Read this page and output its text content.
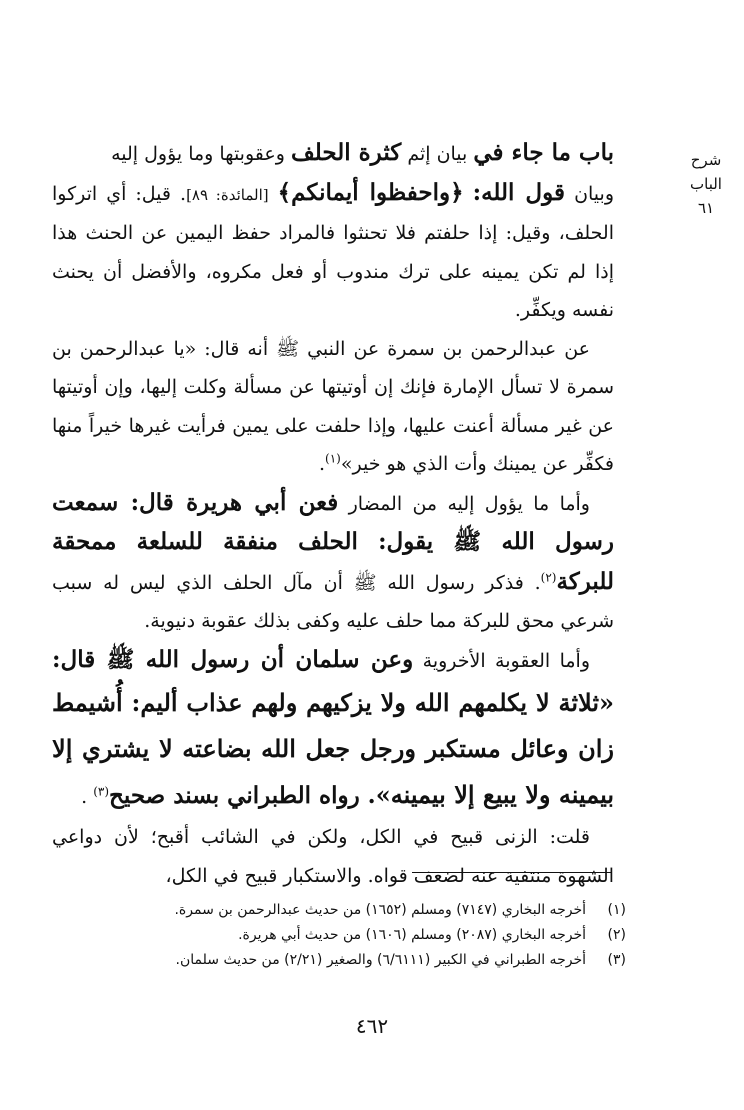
شرح الباب
٦١

باب ما جاء في بيان إثم كثرة الحلف وعقوبتها وما يؤول إليه

وبيان قول الله: ﴿واحفظوا أيمانكم﴾ [المائدة: ٨٩]. قيل: أي اتركوا الحلف، وقيل: إذا حلفتم فلا تحنثوا فالمراد حفظ اليمين عن الحنث هذا إذا لم تكن يمينه على ترك مندوب أو فعل مكروه، والأفضل أن يحنث نفسه ويكفِّر.

عن عبدالرحمن بن سمرة عن النبي ﷺ أنه قال: «يا عبدالرحمن بن سمرة لا تسأل الإمارة فإنك إن أوتيتها عن مسألة وكلت إليها، وإن أوتيتها عن غير مسألة أعنت عليها، وإذا حلفت على يمين فرأيت غيرها خيراً منها فكفِّر عن يمينك وأت الذي هو خير»$^{(١)}$.

وأما ما يؤول إليه من المضار فعن أبي هريرة قال: سمعت رسول الله ﷺ يقول: الحلف منفقة للسلعة ممحقة للبركة$^{(٢)}$. فذكر رسول الله ﷺ أن مآل الحلف الذي ليس له سبب شرعي محق للبركة مما حلف عليه وكفى بذلك عقوبة دنيوية.

وأما العقوبة الأخروية وعن سلمان أن رسول الله ﷺ قال: «ثلاثة لا يكلمهم الله ولا يزكيهم ولهم عذاب أليم: أُشيمط زان وعائل مستكبر ورجل جعل الله بضاعته لا يشتري إلا بيمينه ولا يبيع إلا بيمينه». رواه الطبراني بسند صحيح$^{(٣)}$ .

قلت: الزنى قبيح في الكل، ولكن في الشائب أقبح؛ لأن دواعي الشهوة منتفية عنه لضعف قواه. والاستكبار قبيح في الكل،

(١)
أخرجه البخاري (٧١٤٧) ومسلم (١٦٥٢) من حديث عبدالرحمن بن سمرة.
(٢)
أخرجه البخاري (٢٠٨٧) ومسلم (١٦٠٦) من حديث أبي هريرة.
(٣)
أخرجه الطبراني في الكبير (٦/٦١١١) والصغير (٢/٢١) من حديث سلمان.
٤٦٢
